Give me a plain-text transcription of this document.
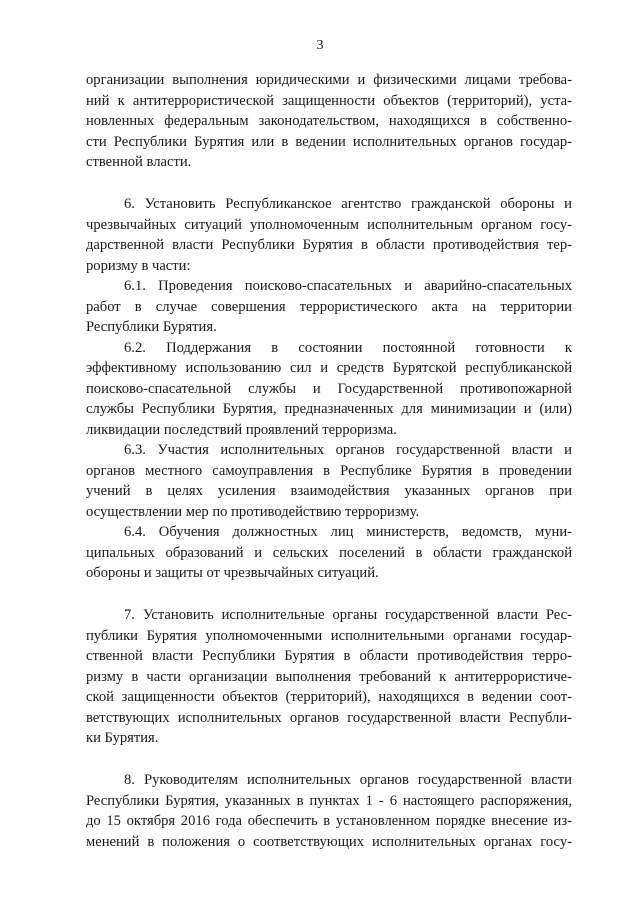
3
организации выполнения юридическими и физическими лицами требова-
ний к антитеррористической защищенности объектов (территорий), уста-
новленных федеральным законодательством, находящихся в собственно-
сти Республики Бурятия или в ведении исполнительных органов государ-
ственной власти.
6. Установить Республиканское агентство гражданской обороны и
чрезвычайных ситуаций уполномоченным исполнительным органом госу-
дарственной власти Республики Бурятия в области противодействия тер-
роризму в части:
6.1. Проведения поисково-спасательных и аварийно-спасательных
работ в случае совершения террористического акта на территории
Республики Бурятия.
6.2. Поддержания в состоянии постоянной готовности к
эффективному использованию сил и средств Бурятской республиканской
поисково-спасательной службы и Государственной противопожарной
службы Республики Бурятия, предназначенных для минимизации и (или)
ликвидации последствий проявлений терроризма.
6.3. Участия исполнительных органов государственной власти и
органов местного самоуправления в Республике Бурятия в проведении
учений в целях усиления взаимодействия указанных органов при
осуществлении мер по противодействию терроризму.
6.4. Обучения должностных лиц министерств, ведомств, муни-
ципальных образований и сельских поселений в области гражданской
обороны и защиты от чрезвычайных ситуаций.
7. Установить исполнительные органы государственной власти Рес-
публики Бурятия уполномоченными исполнительными органами государ-
ственной власти Республики Бурятия в области противодействия терро-
ризму в части организации выполнения требований к антитеррористиче-
ской защищенности объектов (территорий), находящихся в ведении соот-
ветствующих исполнительных органов государственной власти Республи-
ки Бурятия.
8. Руководителям исполнительных органов государственной власти
Республики Бурятия, указанных в пунктах 1 - 6 настоящего распоряжения,
до 15 октября 2016 года обеспечить в установленном порядке внесение из-
менений в положения о соответствующих исполнительных органах госу-
